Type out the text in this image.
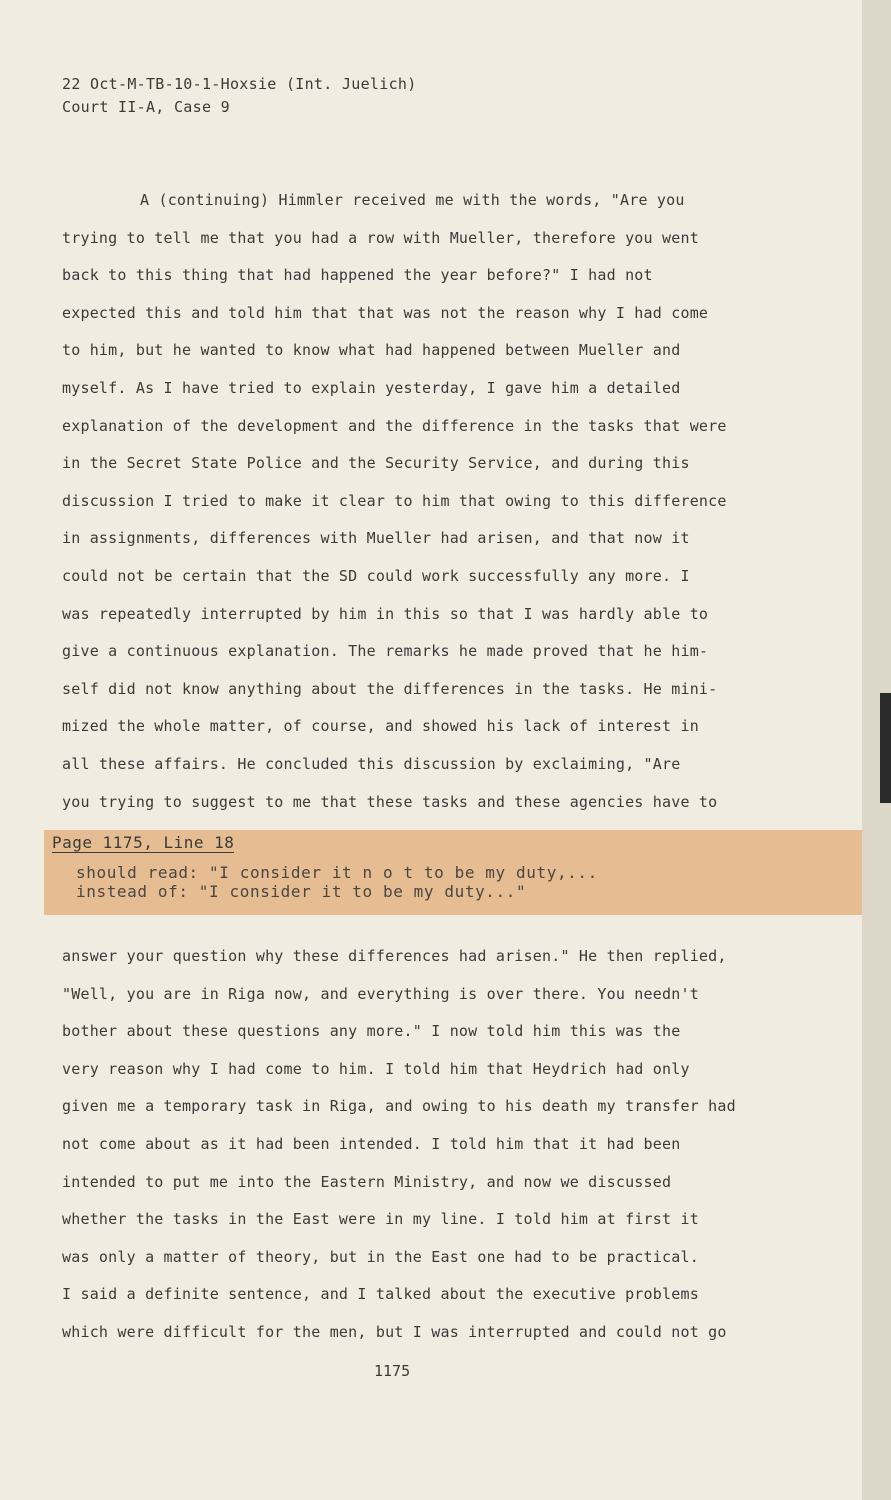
22 Oct-M-TB-10-1-Hoxsie (Int. Juelich)
Court II-A, Case 9
A (continuing) Himmler received me with the words, "Are you
trying to tell me that you had a row with Mueller, therefore you went
back to this thing that had happened the year before?" I had not
expected this and told him that that was not the reason why I had come
to him, but he wanted to know what had happened between Mueller and
myself. As I have tried to explain yesterday, I gave him a detailed
explanation of the development and the difference in the tasks that were
in the Secret State Police and the Security Service, and during this
discussion I tried to make it clear to him that owing to this difference
in assignments, differences with Mueller had arisen, and that now it
could not be certain that the SD could work successfully any more. I
was repeatedly interrupted by him in this so that I was hardly able to
give a continuous explanation. The remarks he made proved that he him-
self did not know anything about the differences in the tasks. He mini-
mized the whole matter, of course, and showed his lack of interest in
all these affairs. He concluded this discussion by exclaiming, "Are
you trying to suggest to me that these tasks and these agencies have to
Page 1175, Line 18
should read: "I consider it n o t to be my duty,...
instead of: "I consider it to be my duty..."
answer your question why these differences had arisen." He then replied,
"Well, you are in Riga now, and everything is over there. You needn't
bother about these questions any more." I now told him this was the
very reason why I had come to him. I told him that Heydrich had only
given me a temporary task in Riga, and owing to his death my transfer had
not come about as it had been intended. I told him that it had been
intended to put me into the Eastern Ministry, and now we discussed
whether the tasks in the East were in my line. I told him at first it
was only a matter of theory, but in the East one had to be practical.
I said a definite sentence, and I talked about the executive problems
which were difficult for the men, but I was interrupted and could not go
1175
